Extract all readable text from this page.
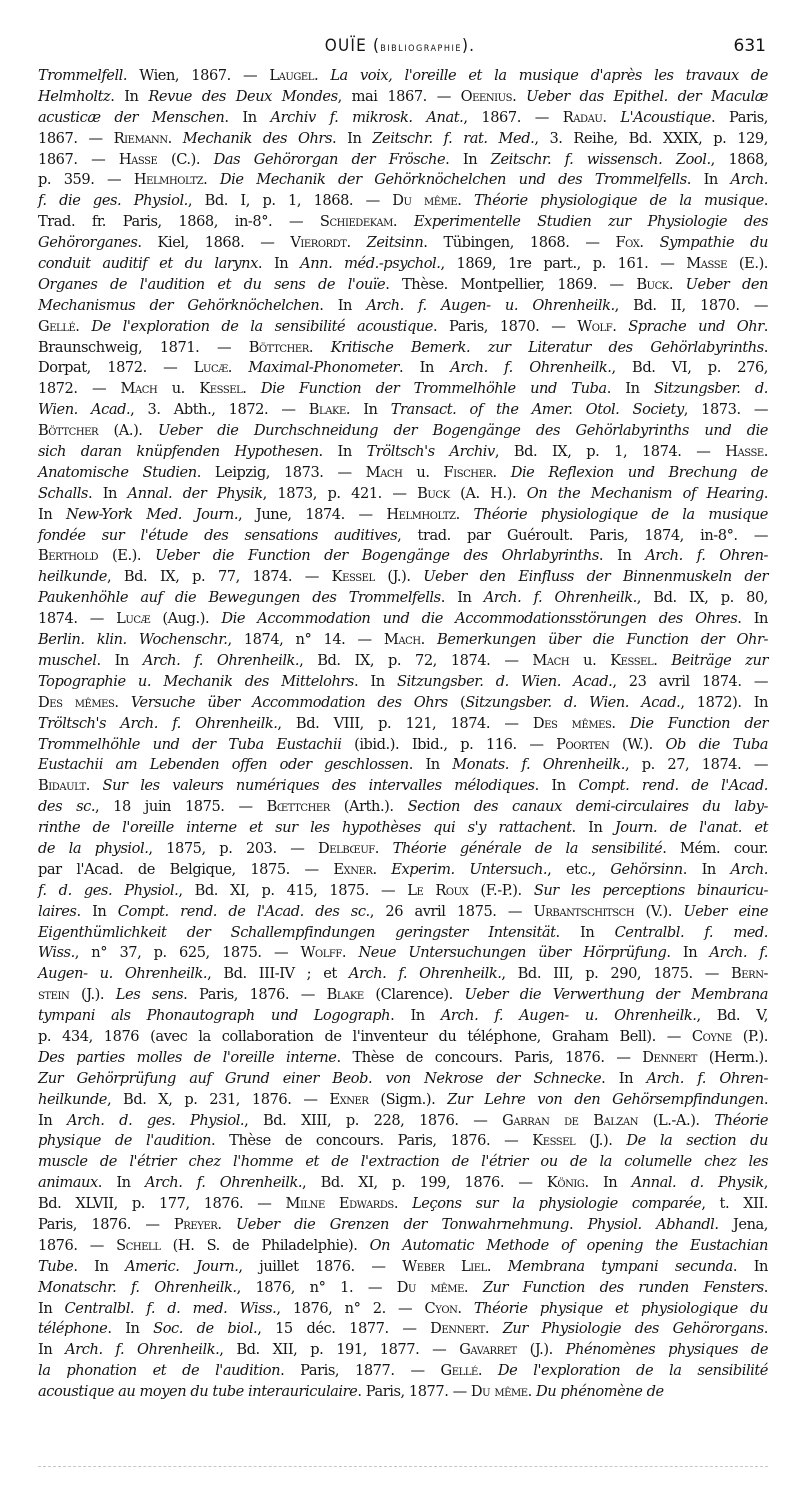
OUÏE (bibliographie).	631
Trommelfell. Wien, 1867. — Laugel. La voix, l'oreille et la musique d'après les travaux de
Helmholtz. In Revue des Deux Mondes, mai 1867. — Oeenius. Ueber das Epithel. der Maculæ
acusticæ der Menschen. In Archiv f. mikrosk. Anat., 1867. — Radau. L'Acoustique. Paris,
1867. — Riemann. Mechanik des Ohrs. In Zeitschr. f. rat. Med., 3. Reihe, Bd. XXIX, p. 129,
1867. — Hasse (C.). Das Gehörorgan der Frösche. In Zeitschr. f. wissensch. Zool., 1868,
p. 359. — Helmholtz. Die Mechanik der Gehörknöchelchen und des Trommelfells. In Arch.
f. die ges. Physiol., Bd. I, p. 1, 1868. — Du même. Théorie physiologique de la musique.
Trad. fr. Paris, 1868, in-8°. — Schiedekam. Experimentelle Studien zur Physiologie des
Gehörorganes. Kiel, 1868. — Vierordt. Zeitsinn. Tübingen, 1868. — Fox. Sympathie du
conduit auditif et du larynx. In Ann. méd.-psychol., 1869, 1re part., p. 161. — Masse (E.).
Organes de l'audition et du sens de l'ouïe. Thèse. Montpellier, 1869. — Buck. Ueber den
Mechanismus der Gehörknöchelchen. In Arch. f. Augen- u. Ohrenheilk., Bd. II, 1870. —
Gellé. De l'exploration de la sensibilité acoustique. Paris, 1870. — Wolf. Sprache und Ohr.
Braunschweig, 1871. — Böttcher. Kritische Bemerk. zur Literatur des Gehörlabyrinths.
Dorpat, 1872. — Lucæ. Maximal-Phonometer. In Arch. f. Ohrenheilk., Bd. VI, p. 276,
1872. — Mach u. Kessel. Die Function der Trommelhöhle und Tuba. In Sitzungsber. d.
Wien. Acad., 3. Abth., 1872. — Blake. In Transact. of the Amer. Otol. Society, 1873. —
Böttcher (A.). Ueber die Durchschneidung der Bogengänge des Gehörlabyrinths und die
sich daran knüpfenden Hypothesen. In Tröltsch's Archiv, Bd. IX, p. 1, 1874. — Hasse.
Anatomische Studien. Leipzig, 1873. — Mach u. Fischer. Die Reflexion und Brechung de
Schalls. In Annal. der Physik, 1873, p. 421. — Buck (A. H.). On the Mechanism of Hearing.
In New-York Med. Journ., June, 1874. — Helmholtz. Théorie physiologique de la musique
fondée sur l'étude des sensations auditives, trad. par Guéroult. Paris, 1874, in-8°. —
Berthold (E.). Ueber die Function der Bogengänge des Ohrlabyrinths. In Arch. f. Ohren-
heilkunde, Bd. IX, p. 77, 1874. — Kessel (J.). Ueber den Einfluss der Binnenmuskeln der
Paukenhöhle auf die Bewegungen des Trommelfells. In Arch. f. Ohrenheilk., Bd. IX, p. 80,
1874. — Lucæ (Aug.). Die Accommodation und die Accommodationsstörungen des Ohres. In
Berlin. klin. Wochenschr., 1874, n° 14. — Mach. Bemerkungen über die Function der Ohr-
muschel. In Arch. f. Ohrenheilk., Bd. IX, p. 72, 1874. — Mach u. Kessel. Beiträge zur
Topographie u. Mechanik des Mittelohrs. In Sitzungsber. d. Wien. Acad., 23 avril 1874. —
Des mêmes. Versuche über Accommodation des Ohrs (Sitzungsber. d. Wien. Acad., 1872). In
Tröltsch's Arch. f. Ohrenheilk., Bd. VIII, p. 121, 1874. — Des mêmes. Die Function der
Trommelhöhle und der Tuba Eustachii (ibid.). Ibid., p. 116. — Poorten (W.). Ob die Tuba
Eustachii am Lebenden offen oder geschlossen. In Monats. f. Ohrenheilk., p. 27, 1874. —
Bidault. Sur les valeurs numériques des intervalles mélodiques. In Compt. rend. de l'Acad.
des sc., 18 juin 1875. — Bœttcher (Arth.). Section des canaux demi-circulaires du laby-
rinthe de l'oreille interne et sur les hypothèses qui s'y rattachent. In Journ. de l'anat. et
de la physiol., 1875, p. 203. — Delbœuf. Théorie générale de la sensibilité. Mém. cour.
par l'Acad. de Belgique, 1875. — Exner. Experim. Untersuch., etc., Gehörsinn. In Arch.
f. d. ges. Physiol., Bd. XI, p. 415, 1875. — Le Roux (F.-P.). Sur les perceptions binauricu-
laires. In Compt. rend. de l'Acad. des sc., 26 avril 1875. — Urbantschitsch (V.). Ueber eine
Eigenthümlichkeit der Schallempfindungen geringster Intensität. In Centralbl. f. med.
Wiss., n° 37, p. 625, 1875. — Wolff. Neue Untersuchungen über Hörprüfung. In Arch. f.
Augen- u. Ohrenheilk., Bd. III-IV ; et Arch. f. Ohrenheilk., Bd. III, p. 290, 1875. — Bern-
stein (J.). Les sens. Paris, 1876. — Blake (Clarence). Ueber die Verwerthung der Membrana
tympani als Phonautograph und Logograph. In Arch. f. Augen- u. Ohrenheilk., Bd. V,
p. 434, 1876 (avec la collaboration de l'inventeur du téléphone, Graham Bell). — Coyne (P.).
Des parties molles de l'oreille interne. Thèse de concours. Paris, 1876. — Dennert (Herm.).
Zur Gehörprüfung auf Grund einer Beob. von Nekrose der Schnecke. In Arch. f. Ohren-
heilkunde, Bd. X, p. 231, 1876. — Exner (Sigm.). Zur Lehre von den Gehörsempfindungen.
In Arch. d. ges. Physiol., Bd. XIII, p. 228, 1876. — Garran de Balzan (L.-A.). Théorie
physique de l'audition. Thèse de concours. Paris, 1876. — Kessel (J.). De la section du
muscle de l'étrier chez l'homme et de l'extraction de l'étrier ou de la columelle chez les
animaux. In Arch. f. Ohrenheilk., Bd. XI, p. 199, 1876. — König. In Annal. d. Physik,
Bd. XLVII, p. 177, 1876. — Milne Edwards. Leçons sur la physiologie comparée, t. XII.
Paris, 1876. — Preyer. Ueber die Grenzen der Tonwahrnehmung. Physiol. Abhandl. Jena,
1876. — Schell (H. S. de Philadelphie). On Automatic Methode of opening the Eustachian
Tube. In Americ. Journ., juillet 1876. — Weber Liel. Membrana tympani secunda. In
Monatschr. f. Ohrenheilk., 1876, n° 1. — Du même. Zur Function des runden Fensters.
In Centralbl. f. d. med. Wiss., 1876, n° 2. — Cyon. Théorie physique et physiologique du
téléphone. In Soc. de biol., 15 déc. 1877. — Dennert. Zur Physiologie des Gehörorgans.
In Arch. f. Ohrenheilk., Bd. XII, p. 191, 1877. — Gavarret (J.). Phénomènes physiques de
la phonation et de l'audition. Paris, 1877. — Gellé. De l'exploration de la sensibilité
acoustique au moyen du tube interauriculaire. Paris, 1877. — Du même. Du phénomène de
